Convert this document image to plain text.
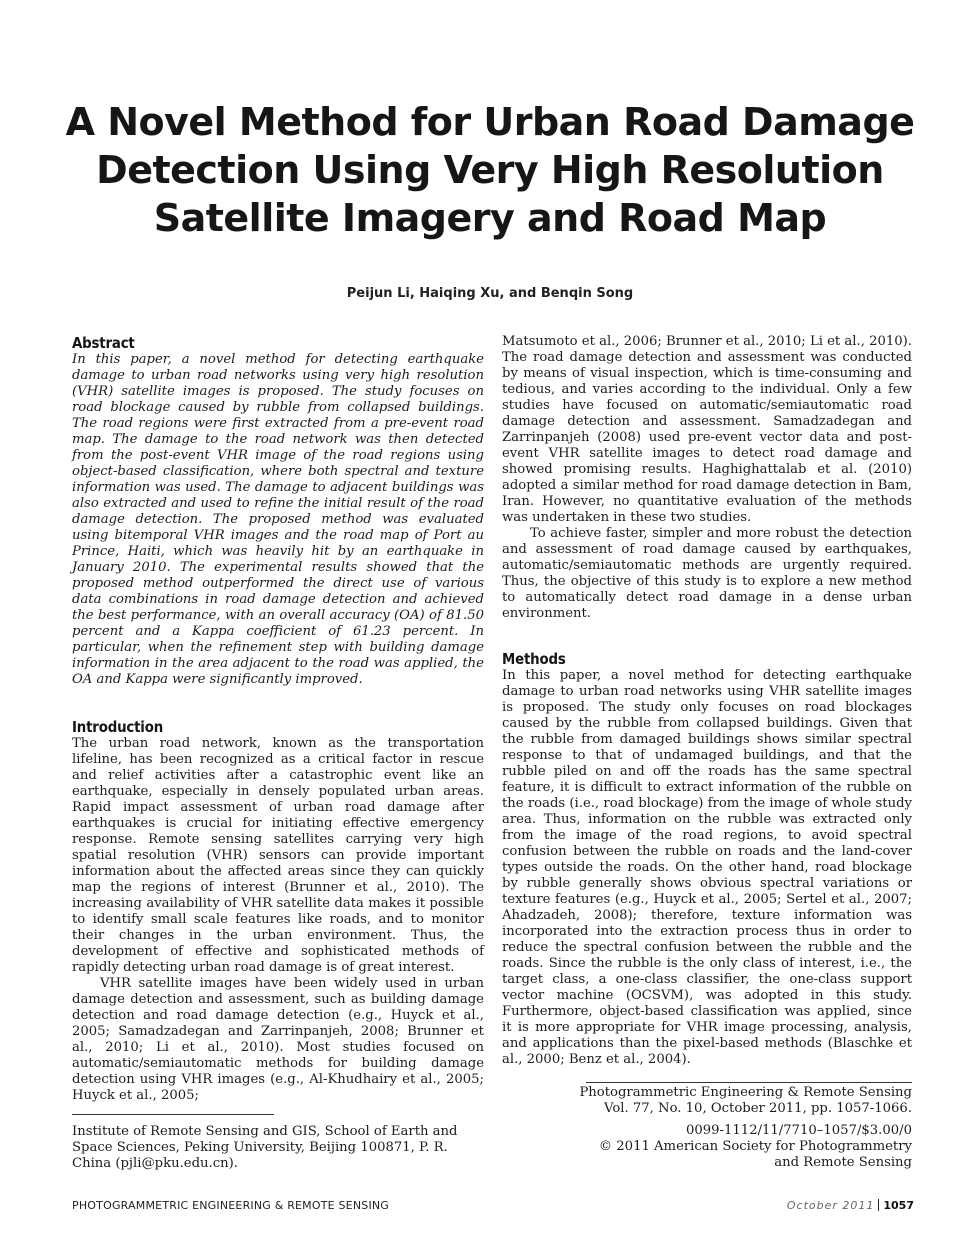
A Novel Method for Urban Road Damage Detection Using Very High Resolution Satellite Imagery and Road Map
Peijun Li, Haiqing Xu, and Benqin Song
Abstract
In this paper, a novel method for detecting earthquake damage to urban road networks using very high resolution (VHR) satellite images is proposed. The study focuses on road blockage caused by rubble from collapsed buildings. The road regions were first extracted from a pre-event road map. The damage to the road network was then detected from the post-event VHR image of the road regions using object-based classification, where both spectral and texture information was used. The damage to adjacent buildings was also extracted and used to refine the initial result of the road damage detection. The proposed method was evaluated using bitemporal VHR images and the road map of Port au Prince, Haiti, which was heavily hit by an earthquake in January 2010. The experimental results showed that the proposed method outperformed the direct use of various data combinations in road damage detection and achieved the best performance, with an overall accuracy (OA) of 81.50 percent and a Kappa coefficient of 61.23 percent. In particular, when the refinement step with building damage information in the area adjacent to the road was applied, the OA and Kappa were significantly improved.
Introduction
The urban road network, known as the transportation lifeline, has been recognized as a critical factor in rescue and relief activities after a catastrophic event like an earthquake, especially in densely populated urban areas. Rapid impact assessment of urban road damage after earthquakes is crucial for initiating effective emergency response. Remote sensing satellites carrying very high spatial resolution (VHR) sensors can provide important information about the affected areas since they can quickly map the regions of interest (Brunner et al., 2010). The increasing availability of VHR satellite data makes it possible to identify small scale features like roads, and to monitor their changes in the urban environment. Thus, the development of effective and sophisticated methods of rapidly detecting urban road damage is of great interest.
VHR satellite images have been widely used in urban damage detection and assessment, such as building damage detection and road damage detection (e.g., Huyck et al., 2005; Samadzadegan and Zarrinpanjeh, 2008; Brunner et al., 2010; Li et al., 2010). Most studies focused on automatic/semiautomatic methods for building damage detection using VHR images (e.g., Al-Khudhairy et al., 2005; Huyck et al., 2005;
Institute of Remote Sensing and GIS, School of Earth and Space Sciences, Peking University, Beijing 100871, P. R. China (pjli@pku.edu.cn).
Matsumoto et al., 2006; Brunner et al., 2010; Li et al., 2010). The road damage detection and assessment was conducted by means of visual inspection, which is time-consuming and tedious, and varies according to the individual. Only a few studies have focused on automatic/semiautomatic road damage detection and assessment. Samadzadegan and Zarrinpanjeh (2008) used pre-event vector data and post-event VHR satellite images to detect road damage and showed promising results. Haghighattalab et al. (2010) adopted a similar method for road damage detection in Bam, Iran. However, no quantitative evaluation of the methods was undertaken in these two studies.
To achieve faster, simpler and more robust the detection and assessment of road damage caused by earthquakes, automatic/semiautomatic methods are urgently required. Thus, the objective of this study is to explore a new method to automatically detect road damage in a dense urban environment.
Methods
In this paper, a novel method for detecting earthquake damage to urban road networks using VHR satellite images is proposed. The study only focuses on road blockages caused by the rubble from collapsed buildings. Given that the rubble from damaged buildings shows similar spectral response to that of undamaged buildings, and that the rubble piled on and off the roads has the same spectral feature, it is difficult to extract information of the rubble on the roads (i.e., road blockage) from the image of whole study area. Thus, information on the rubble was extracted only from the image of the road regions, to avoid spectral confusion between the rubble on roads and the land-cover types outside the roads. On the other hand, road blockage by rubble generally shows obvious spectral variations or texture features (e.g., Huyck et al., 2005; Sertel et al., 2007; Ahadzadeh, 2008); therefore, texture information was incorporated into the extraction process thus in order to reduce the spectral confusion between the rubble and the roads. Since the rubble is the only class of interest, i.e., the target class, a one-class classifier, the one-class support vector machine (OCSVM), was adopted in this study. Furthermore, object-based classification was applied, since it is more appropriate for VHR image processing, analysis, and applications than the pixel-based methods (Blaschke et al., 2000; Benz et al., 2004).
Photogrammetric Engineering & Remote Sensing
Vol. 77, No. 10, October 2011, pp. 1057-1066.
0099-1112/11/7710–1057/$3.00/0
© 2011 American Society for Photogrammetry
and Remote Sensing
PHOTOGRAMMETRIC ENGINEERING & REMOTE SENSING	October 2011 1057
